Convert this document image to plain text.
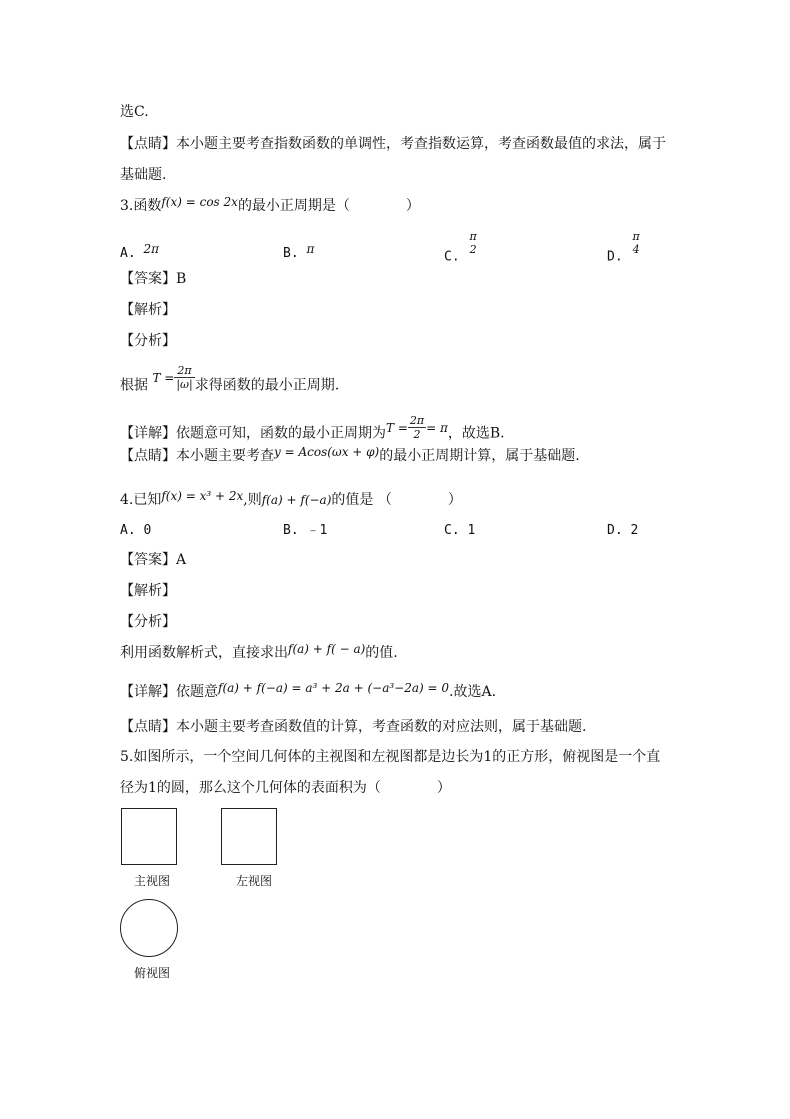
选C.
【点睛】本小题主要考查指数函数的单调性，考查指数运算，考查函数最值的求法，属于
基础题.
3.函数f(x) = cos 2x的最小正周期是（　　　　）
A. 2π	B. π
C.
π
2	D.
π
4
【答案】B
【解析】
【分析】
根据 $T = \frac{2\pi}{|\omega|}$ 求得函数的最小正周期.
【详解】依题意可知，函数的最小正周期为$T = \frac{2\pi}{2} = \pi$，故选B.
【点睛】本小题主要考查y = Acos(ωx + φ)的最小正周期计算，属于基础题.
4.已知f(x) = x³ + 2x,则f(a) + f(−a)的值是 （　　　　）
A. 0	B. ﹣1	C. 1	D. 2
【答案】A
【解析】
【分析】
利用函数解析式，直接求出f(a) + f( − a)的值.
【详解】依题意f(a) + f(−a) = a³ + 2a + (−a³−2a) = 0.故选A.
【点睛】本小题主要考查函数值的计算，考查函数的对应法则，属于基础题.
5.如图所示，一个空间几何体的主视图和左视图都是边长为1的正方形，俯视图是一个直
径为1的圆，那么这个几何体的表面积为（　　　　）
主视图	左视图
俯视图
